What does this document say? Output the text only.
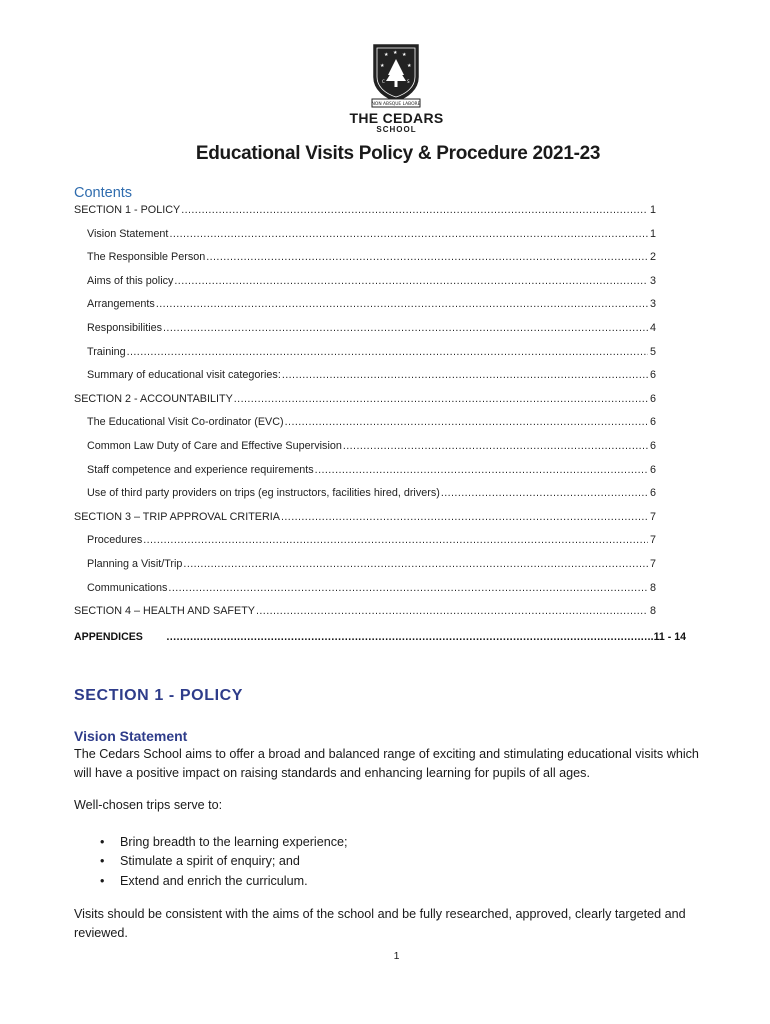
★ ★ ★
★	★
C	S
NON ABSQUE LABORE
THE CEDARS
SCHOOL
Educational Visits Policy & Procedure 2021-23
Contents
SECTION 1 - POLICY .....	1
Vision Statement .....	1
The Responsible Person .....	2
Aims of this policy .....	3
Arrangements .....	3
Responsibilities .....	4
Training .....	5
Summary of educational visit categories: .....	6
SECTION 2 - ACCOUNTABILITY .....	6
The Educational Visit Co-ordinator (EVC) .....	6
Common Law Duty of Care and Effective Supervision .....	6
Staff competence and experience requirements .....	6
Use of third party providers on trips (eg instructors, facilities hired, drivers) .....	6
SECTION 3 – TRIP APPROVAL CRITERIA .....	7
Procedures .....	7
Planning a Visit/Trip .....	7
Communications .....	8
SECTION 4 – HEALTH AND SAFETY .....	8
APPENDICES ……………………………………………………………………………………………………………………………………………………………………	.11 - 14
SECTION 1 - POLICY
Vision Statement
The Cedars School aims to offer a broad and balanced range of exciting and stimulating educational visits which will have a positive impact on raising standards and enhancing learning for pupils of all ages.
Well-chosen trips serve to:
• Bring breadth to the learning experience;
• Stimulate a spirit of enquiry; and
• Extend and enrich the curriculum.
Visits should be consistent with the aims of the school and be fully researched, approved, clearly targeted and reviewed.
1
